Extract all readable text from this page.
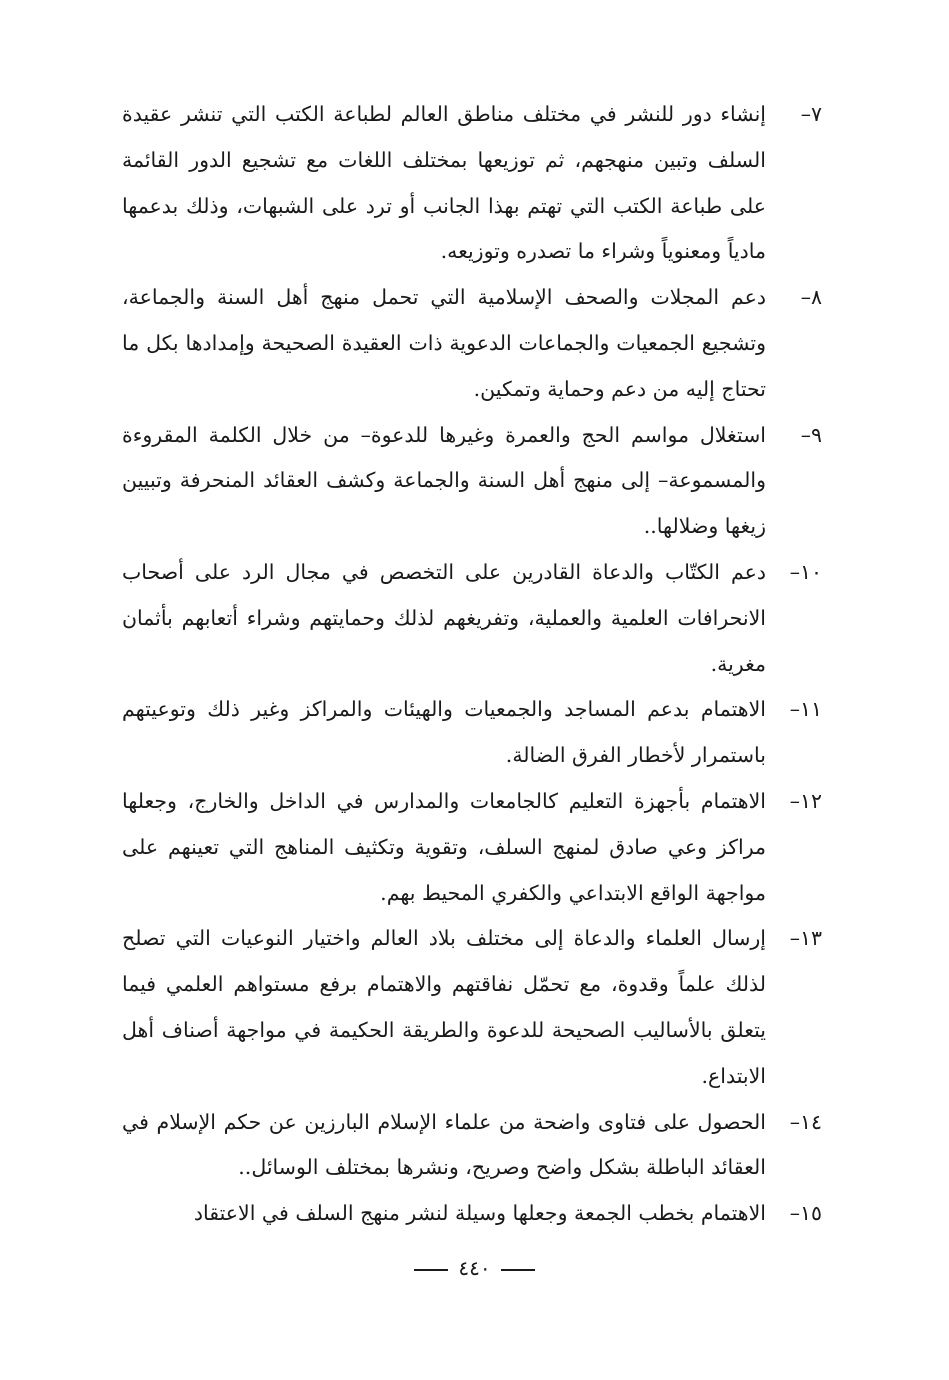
٧–
إنشاء دور للنشر في مختلف مناطق العالم لطباعة الكتب التي تنشر عقيدة السلف وتبين منهجهم، ثم توزيعها بمختلف اللغات مع تشجيع الدور القائمة على طباعة الكتب التي تهتم بهذا الجانب أو ترد على الشبهات، وذلك بدعمها مادياً ومعنوياً وشراء ما تصدره وتوزيعه.
٨–
دعم المجلات والصحف الإسلامية التي تحمل منهج أهل السنة والجماعة، وتشجيع الجمعيات والجماعات الدعوية ذات العقيدة الصحيحة وإمدادها بكل ما تحتاج إليه من دعم وحماية وتمكين.
٩–
استغلال مواسم الحج والعمرة وغيرها للدعوة– من خلال الكلمة المقروءة والمسموعة– إلى منهج أهل السنة والجماعة وكشف العقائد المنحرفة وتبيين زيغها وضلالها..
١٠–
دعم الكتّاب والدعاة القادرين على التخصص في مجال الرد على أصحاب الانحرافات العلمية والعملية، وتفريغهم لذلك وحمايتهم وشراء أتعابهم بأثمان مغرية.
١١–
الاهتمام بدعم المساجد والجمعيات والهيئات والمراكز وغير ذلك وتوعيتهم باستمرار لأخطار الفرق الضالة.
١٢–
الاهتمام بأجهزة التعليم كالجامعات والمدارس في الداخل والخارج، وجعلها مراكز وعي صادق لمنهج السلف، وتقوية وتكثيف المناهج التي تعينهم على مواجهة الواقع الابتداعي والكفري المحيط بهم.
١٣–
إرسال العلماء والدعاة إلى مختلف بلاد العالم واختيار النوعيات التي تصلح لذلك علماً وقدوة، مع تحمّل نفاقتهم والاهتمام برفع مستواهم العلمي فيما يتعلق بالأساليب الصحيحة للدعوة والطريقة الحكيمة في مواجهة أصناف أهل الابتداع.
١٤–
الحصول على فتاوى واضحة من علماء الإسلام البارزين عن حكم الإسلام في العقائد الباطلة بشكل واضح وصريح، ونشرها بمختلف الوسائل..
١٥–
الاهتمام بخطب الجمعة وجعلها وسيلة لنشر منهج السلف في الاعتقاد
٤٤٠
